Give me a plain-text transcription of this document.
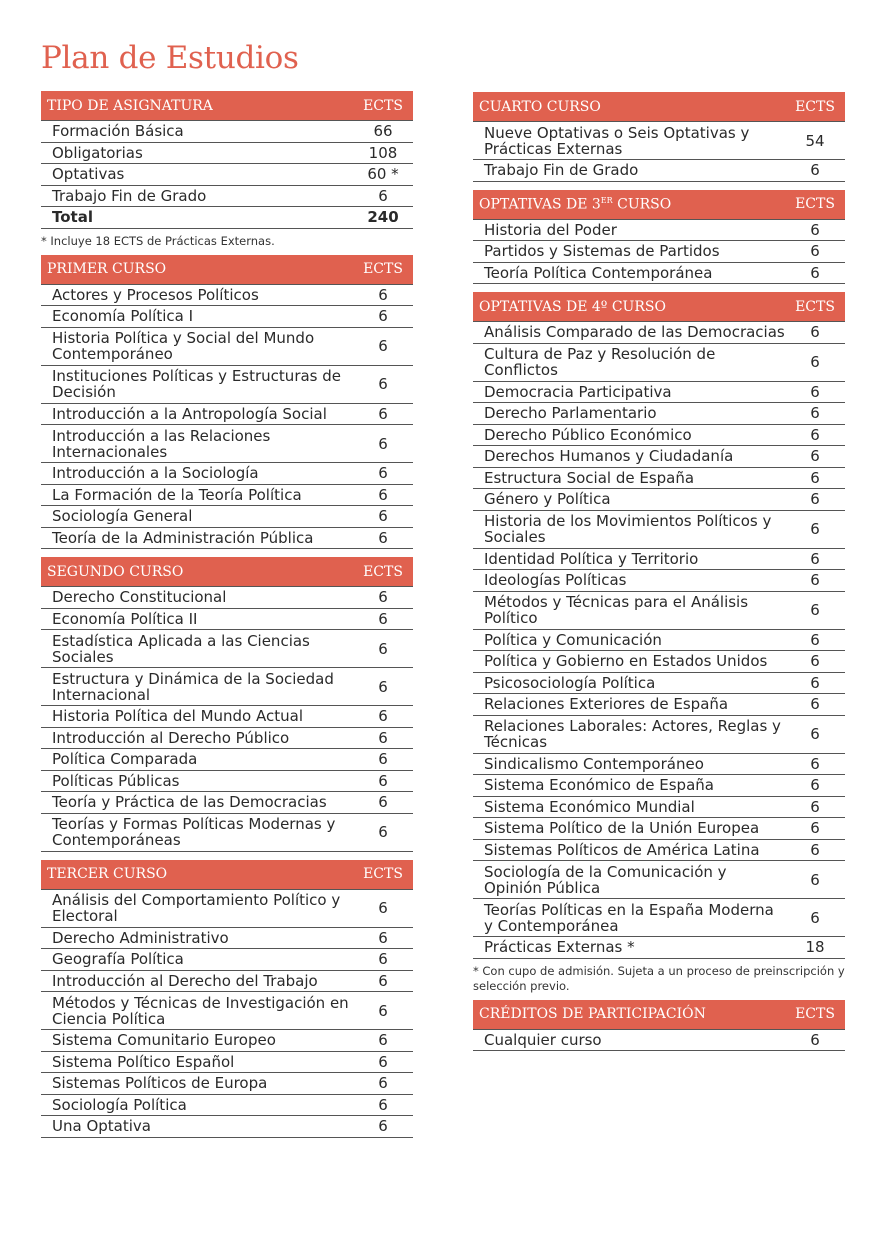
Plan de Estudios
TIPO DE ASIGNATURA	ECTS
Formación Básica	66
Obligatorias	108
Optativas	60 *
Trabajo Fin de Grado	6
Total	240
* Incluye 18 ECTS de Prácticas Externas.
PRIMER CURSO	ECTS
Actores y Procesos Políticos	6
Economía Política I	6
Historia Política y Social del Mundo Contemporáneo	6
Instituciones Políticas y Estructuras de Decisión	6
Introducción a la Antropología Social	6
Introducción a las Relaciones Internacionales	6
Introducción a la Sociología	6
La Formación de la Teoría Política	6
Sociología General	6
Teoría de la Administración Pública	6
SEGUNDO CURSO	ECTS
Derecho Constitucional	6
Economía Política II	6
Estadística Aplicada a las Ciencias Sociales	6
Estructura y Dinámica de la Sociedad Internacional	6
Historia Política del Mundo Actual	6
Introducción al Derecho Público	6
Política Comparada	6
Políticas Públicas	6
Teoría y Práctica de las Democracias	6
Teorías y Formas Políticas Modernas y Contemporáneas	6
TERCER CURSO	ECTS
Análisis del Comportamiento Político y Electoral	6
Derecho Administrativo	6
Geografía Política	6
Introducción al Derecho del Trabajo	6
Métodos y Técnicas de Investigación en Ciencia Política	6
Sistema Comunitario Europeo	6
Sistema Político Español	6
Sistemas Políticos de Europa	6
Sociología Política	6
Una Optativa	6
CUARTO CURSO	ECTS
Nueve Optativas o Seis Optativas y Prácticas Externas	54
Trabajo Fin de Grado	6
OPTATIVAS DE 3ER CURSO	ECTS
Historia del Poder	6
Partidos y Sistemas de Partidos	6
Teoría Política Contemporánea	6
OPTATIVAS DE 4º CURSO	ECTS
Análisis Comparado de las Democracias	6
Cultura de Paz y Resolución de Conflictos	6
Democracia Participativa	6
Derecho Parlamentario	6
Derecho Público Económico	6
Derechos Humanos y Ciudadanía	6
Estructura Social de España	6
Género y Política	6
Historia de los Movimientos Políticos y Sociales	6
Identidad Política y Territorio	6
Ideologías Políticas	6
Métodos y Técnicas para el Análisis Político	6
Política y Comunicación	6
Política y Gobierno en Estados Unidos	6
Psicosociología Política	6
Relaciones Exteriores de España	6
Relaciones Laborales: Actores, Reglas y Técnicas	6
Sindicalismo Contemporáneo	6
Sistema Económico de España	6
Sistema Económico Mundial	6
Sistema Político de la Unión Europea	6
Sistemas Políticos de América Latina	6
Sociología de la Comunicación y Opinión Pública	6
Teorías Políticas en la España Moderna y Contemporánea	6
Prácticas Externas *	18
* Con cupo de admisión. Sujeta a un proceso de preinscripción y selección previo.
CRÉDITOS DE PARTICIPACIÓN	ECTS
Cualquier curso	6
